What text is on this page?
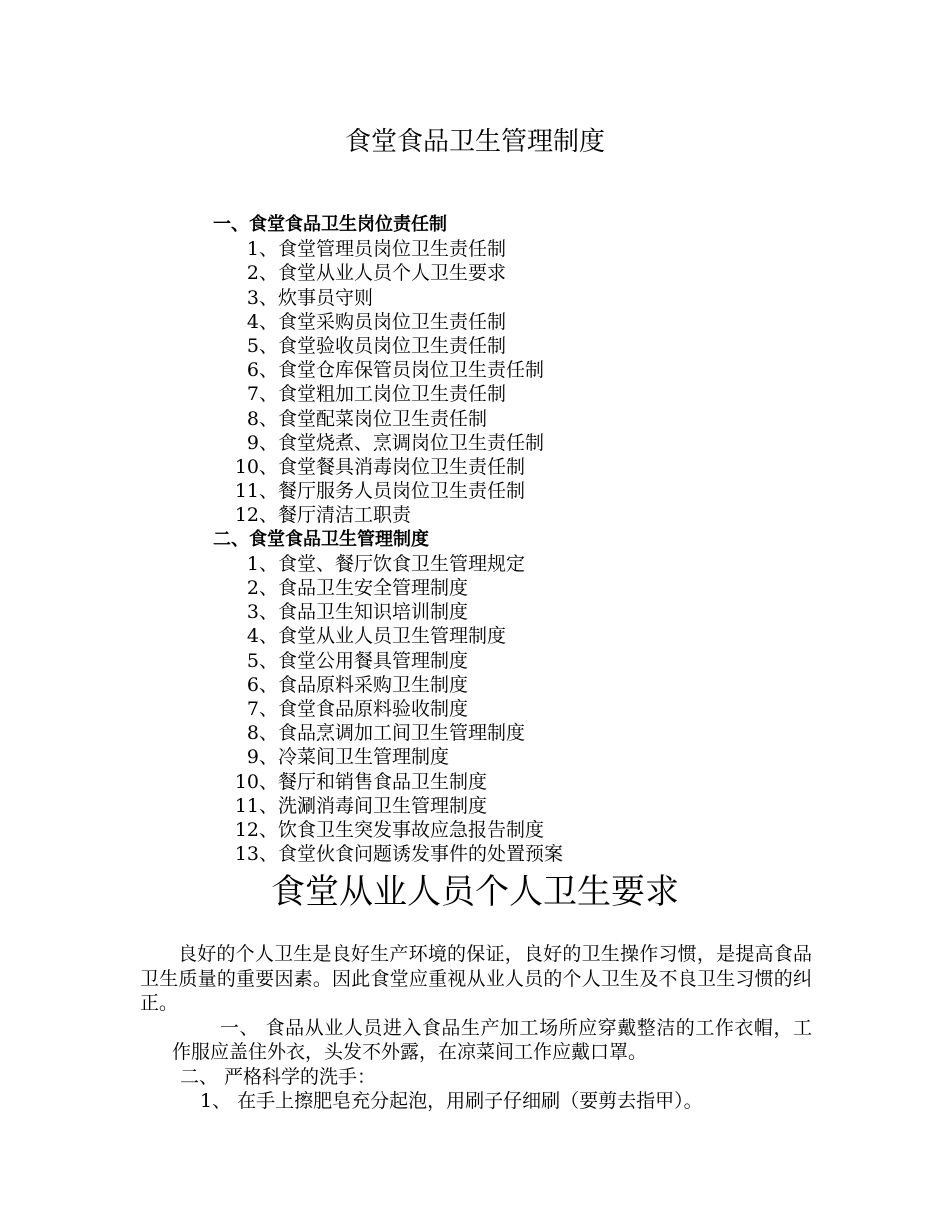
食堂食品卫生管理制度
一、食堂食品卫生岗位责任制
1、 食堂管理员岗位卫生责任制
2、 食堂从业人员个人卫生要求
3、 炊事员守则
4、 食堂采购员岗位卫生责任制
5、 食堂验收员岗位卫生责任制
6、 食堂仓库保管员岗位卫生责任制
7、 食堂粗加工岗位卫生责任制
8、 食堂配菜岗位卫生责任制
9、 食堂烧煮、烹调岗位卫生责任制
10、 食堂餐具消毒岗位卫生责任制
11、 餐厅服务人员岗位卫生责任制
12、 餐厅清洁工职责
二、食堂食品卫生管理制度
1、 食堂、餐厅饮食卫生管理规定
2、 食品卫生安全管理制度
3、 食品卫生知识培训制度
4、 食堂从业人员卫生管理制度
5、 食堂公用餐具管理制度
6、 食品原料采购卫生制度
7、 食堂食品原料验收制度
8、 食品烹调加工间卫生管理制度
9、 冷菜间卫生管理制度
10、 餐厅和销售食品卫生制度
11、 洗涮消毒间卫生管理制度
12、 饮食卫生突发事故应急报告制度
13、 食堂伙食问题诱发事件的处置预案
食堂从业人员个人卫生要求

良好的个人卫生是良好生产环境的保证，良好的卫生操作习惯，是提高食品卫生质量的重要因素。因此食堂应重视从业人员的个人卫生及不良卫生习惯的纠正。

一、 食品从业人员进入食品生产加工场所应穿戴整洁的工作衣帽，工作服应盖住外衣，头发不外露，在凉菜间工作应戴口罩。

二、 严格科学的洗手：

1、 在手上擦肥皂充分起泡，用刷子仔细刷（要剪去指甲）。
